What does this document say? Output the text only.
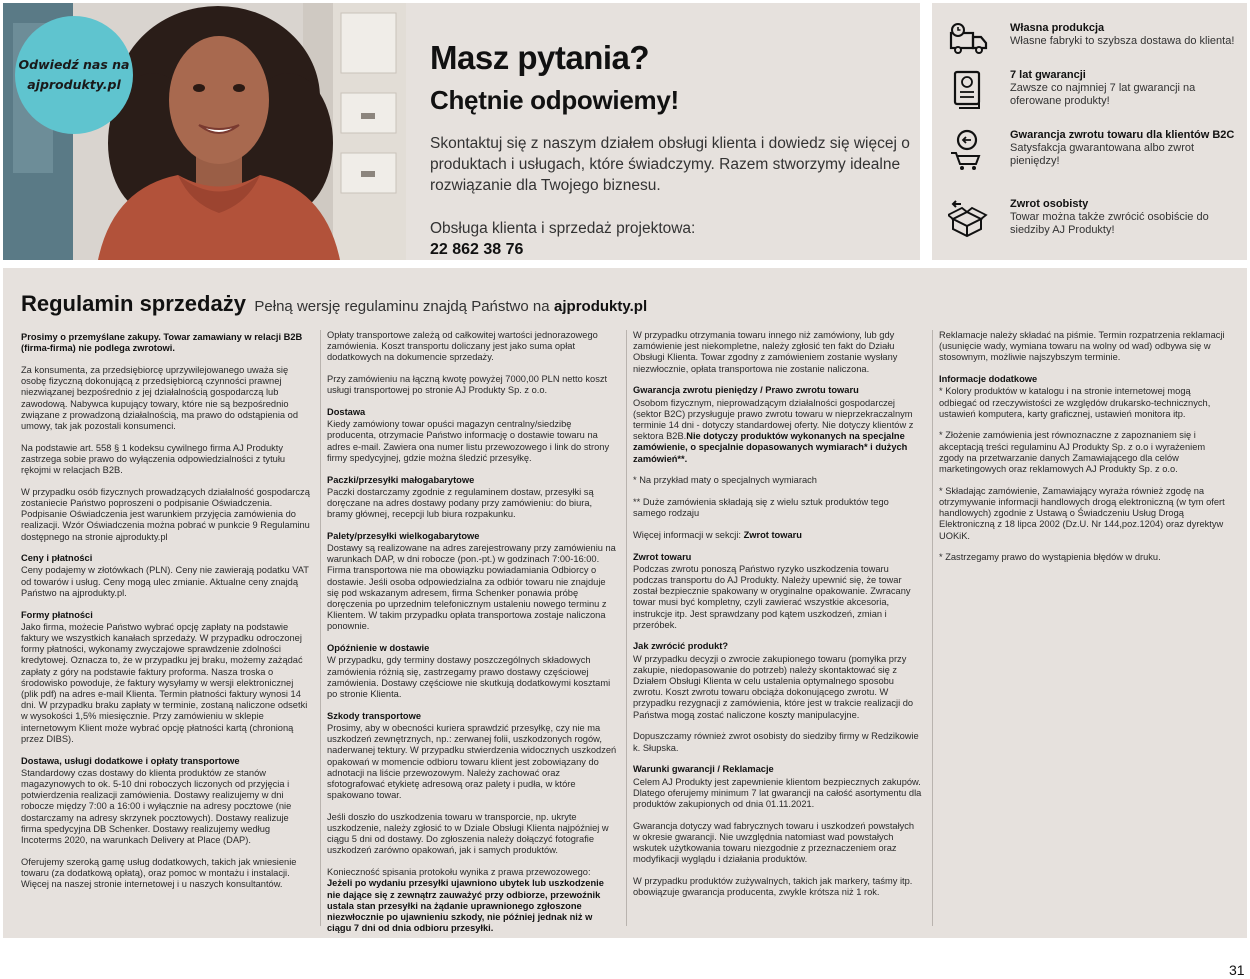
Odwiedź nas na
ajprodukty.pl
Masz pytania?
Chętnie odpowiemy!
Skontaktuj się z naszym działem obsługi klienta i dowiedz się więcej o produktach i usługach, które świadczymy. Razem stworzymy idealne rozwiązanie dla Twojego biznesu.
Obsługa klienta i sprzedaż projektowa:
22 862 38 76
Własna produkcja
Własne fabryki to szybsza dostawa do klienta!
7 lat gwarancji
Zawsze co najmniej 7 lat gwarancji na oferowane produkty!
Gwarancja zwrotu towaru dla klientów B2C
Satysfakcja gwarantowana albo zwrot pieniędzy!
Zwrot osobisty
Towar można także zwrócić osobiście do siedziby AJ Produkty!
Regulamin sprzedaży Pełną wersję regulaminu znajdą Państwo na ajprodukty.pl

Prosimy o przemyślane zakupy. Towar zamawiany w relacji B2B (firma-firma) nie podlega zwrotowi.

Za konsumenta, za przedsiębiorcę uprzywilejowanego uważa się osobę fizyczną dokonującą z przedsiębiorcą czynności prawnej niezwiązanej bezpośrednio z jej działalnością gospodarczą lub zawodową. Nabywca kupujący towary, które nie są bezpośrednio związane z prowadzoną działalnością, ma prawo do odstąpienia od umowy, tak jak pozostali konsumenci.

Na podstawie art. 558 § 1 kodeksu cywilnego firma AJ Produkty zastrzega sobie prawo do wyłączenia odpowiedzialności z tytułu rękojmi w relacjach B2B.

W przypadku osób fizycznych prowadzących działalność gospodarczą zostaniecie Państwo poproszeni o podpisanie Oświadczenia. Podpisanie Oświadczenia jest warunkiem przyjęcia zamówienia do realizacji. Wzór Oświadczenia można pobrać w punkcie 9 Regulaminu dostępnego na stronie ajprodukty.pl

Ceny i płatności

Ceny podajemy w złotówkach (PLN). Ceny nie zawierają podatku VAT od towarów i usług. Ceny mogą ulec zmianie. Aktualne ceny znajdą Państwo na ajprodukty.pl.

Formy płatności

Jako firma, możecie Państwo wybrać opcję zapłaty na podstawie faktury we wszystkich kanałach sprzedaży. W przypadku odroczonej formy płatności, wykonamy zwyczajowe sprawdzenie zdolności kredytowej. Oznacza to, że w przypadku jej braku, możemy zażądać zapłaty z góry na podstawie faktury proforma. Nasza troska o środowisko powoduje, że faktury wysyłamy w wersji elektronicznej (plik pdf) na adres e-mail Klienta. Termin płatności faktury wynosi 14 dni. W przypadku braku zapłaty w terminie, zostaną naliczone odsetki w wysokości 1,5% miesięcznie. Przy zamówieniu w sklepie internetowym Klient może wybrać opcję płatności kartą (chronioną przez DIBS).

Dostawa, usługi dodatkowe i opłaty transportowe

Standardowy czas dostawy do klienta produktów ze stanów magazynowych to ok. 5-10 dni roboczych liczonych od przyjęcia i potwierdzenia realizacji zamówienia. Dostawy realizujemy w dni robocze między 7:00 a 16:00 i wyłącznie na adresy pocztowe (nie dostarczamy na adresy skrzynek pocztowych). Dostawy realizuje firma spedycyjna DB Schenker. Dostawy realizujemy według Incoterms 2020, na warunkach Delivery at Place (DAP).

Oferujemy szeroką gamę usług dodatkowych, takich jak wniesienie towaru (za dodatkową opłatą), oraz pomoc w montażu i instalacji. Więcej na naszej stronie internetowej i u naszych konsultantów.

Opłaty transportowe zależą od całkowitej wartości jednorazowego zamówienia. Koszt transportu doliczany jest jako suma opłat dodatkowych na dokumencie sprzedaży.

Przy zamówieniu na łączną kwotę powyżej 7000,00 PLN netto koszt usługi transportowej po stronie AJ Produkty Sp. z o.o.

Dostawa

Kiedy zamówiony towar opuści magazyn centralny/siedzibę producenta, otrzymacie Państwo informację o dostawie towaru na adres e-mail. Zawiera ona numer listu przewozowego i link do strony firmy spedycyjnej, gdzie można śledzić przesyłkę.

Paczki/przesyłki małogabarytowe

Paczki dostarczamy zgodnie z regulaminem dostaw, przesyłki są doręczane na adres dostawy podany przy zamówieniu: do biura, bramy głównej, recepcji lub biura rozpakunku.

Palety/przesyłki wielkogabarytowe

Dostawy są realizowane na adres zarejestrowany przy zamówieniu na warunkach DAP, w dni robocze (pon.-pt.) w godzinach 7:00-16:00. Firma transportowa nie ma obowiązku powiadamiania Odbiorcy o dostawie. Jeśli osoba odpowiedzialna za odbiór towaru nie znajduje się pod wskazanym adresem, firma Schenker ponawia próbę doręczenia po uprzednim telefonicznym ustaleniu nowego terminu z Klientem. W takim przypadku opłata transportowa zostaje naliczona ponownie.

Opóźnienie w dostawie

W przypadku, gdy terminy dostawy poszczególnych składowych zamówienia różnią się, zastrzegamy prawo dostawy częściowej zamówienia. Dostawy częściowe nie skutkują dodatkowymi kosztami po stronie Klienta.

Szkody transportowe

Prosimy, aby w obecności kuriera sprawdzić przesyłkę, czy nie ma uszkodzeń zewnętrznych, np.: zerwanej folii, uszkodzonych rogów, naderwanej tektury. W przypadku stwierdzenia widocznych uszkodzeń opakowań w momencie odbioru towaru klient jest zobowiązany do adnotacji na liście przewozowym. Należy zachować oraz sfotografować etykietę adresową oraz palety i pudła, w które spakowano towar.

Jeśli doszło do uszkodzenia towaru w transporcie, np. ukryte uszkodzenie, należy zgłosić to w Dziale Obsługi Klienta najpóźniej w ciągu 5 dni od dostawy. Do zgłoszenia należy dołączyć fotografie uszkodzeń zarówno opakowań, jak i samych produktów.

Konieczność spisania protokołu wynika z prawa przewozowego: Jeżeli po wydaniu przesyłki ujawniono ubytek lub uszkodzenie nie dające się z zewnątrz zauważyć przy odbiorze, przewoźnik ustala stan przesyłki na żądanie uprawnionego zgłoszone niezwłocznie po ujawnieniu szkody, nie później jednak niż w ciągu 7 dni od dnia odbioru przesyłki.

W przypadku otrzymania towaru innego niż zamówiony, lub gdy zamówienie jest niekompletne, należy zgłosić ten fakt do Działu Obsługi Klienta. Towar zgodny z zamówieniem zostanie wysłany niezwłocznie, opłata transportowa nie zostanie naliczona.

Gwarancja zwrotu pieniędzy / Prawo zwrotu towaru

Osobom fizycznym, nieprowadzącym działalności gospodarczej (sektor B2C) przysługuje prawo zwrotu towaru w nieprzekraczalnym terminie 14 dni - dotyczy standardowej oferty. Nie dotyczy klientów z sektora B2B.Nie dotyczy produktów wykonanych na specjalne zamówienie, o specjalnie dopasowanych wymiarach* i dużych zamówień**.

* Na przykład maty o specjalnych wymiarach

** Duże zamówienia składają się z wielu sztuk produktów tego samego rodzaju

Więcej informacji w sekcji: Zwrot towaru

Zwrot towaru

Podczas zwrotu ponoszą Państwo ryzyko uszkodzenia towaru podczas transportu do AJ Produkty. Należy upewnić się, że towar został bezpiecznie spakowany w oryginalne opakowanie. Zwracany towar musi być kompletny, czyli zawierać wszystkie akcesoria, instrukcje itp. Jest sprawdzany pod kątem uszkodzeń, zmian i przeróbek.

Jak zwrócić produkt?

W przypadku decyzji o zwrocie zakupionego towaru (pomyłka przy zakupie, niedopasowanie do potrzeb) należy skontaktować się z Działem Obsługi Klienta w celu ustalenia optymalnego sposobu zwrotu. Koszt zwrotu towaru obciąża dokonującego zwrotu. W przypadku rezygnacji z zamówienia, które jest w trakcie realizacji do Państwa mogą zostać naliczone koszty manipulacyjne.

Dopuszczamy również zwrot osobisty do siedziby firmy w Redzikowie k. Słupska.

Warunki gwarancji / Reklamacje

Celem AJ Produkty jest zapewnienie klientom bezpiecznych zakupów. Dlatego oferujemy minimum 7 lat gwarancji na całość asortymentu dla produktów zakupionych od dnia 01.11.2021.

Gwarancja dotyczy wad fabrycznych towaru i uszkodzeń powstałych w okresie gwarancji. Nie uwzględnia natomiast wad powstałych wskutek użytkowania towaru niezgodnie z przeznaczeniem oraz modyfikacji wyglądu i działania produktów.

W przypadku produktów zużywalnych, takich jak markery, taśmy itp. obowiązuje gwarancja producenta, zwykle krótsza niż 1 rok.

Reklamacje należy składać na piśmie. Termin rozpatrzenia reklamacji (usunięcie wady, wymiana towaru na wolny od wad) odbywa się w stosownym, możliwie najszybszym terminie.

Informacje dodatkowe

* Kolory produktów w katalogu i na stronie internetowej mogą odbiegać od rzeczywistości ze względów drukarsko-technicznych, ustawień komputera, karty graficznej, ustawień monitora itp.

* Złożenie zamówienia jest równoznaczne z zapoznaniem się i akceptacją treści regulaminu AJ Produkty Sp. z o.o i wyrażeniem zgody na przetwarzanie danych Zamawiającego dla celów marketingowych oraz reklamowych AJ Produkty Sp. z o.o.

* Składając zamówienie, Zamawiający wyraża również zgodę na otrzymywanie informacji handlowych drogą elektroniczną (w tym ofert handlowych) zgodnie z Ustawą o Świadczeniu Usług Drogą Elektroniczną z 18 lipca 2002 (Dz.U. Nr 144,poz.1204) oraz dyrektyw UOKiK.

* Zastrzegamy prawo do wystąpienia błędów w druku.

31
